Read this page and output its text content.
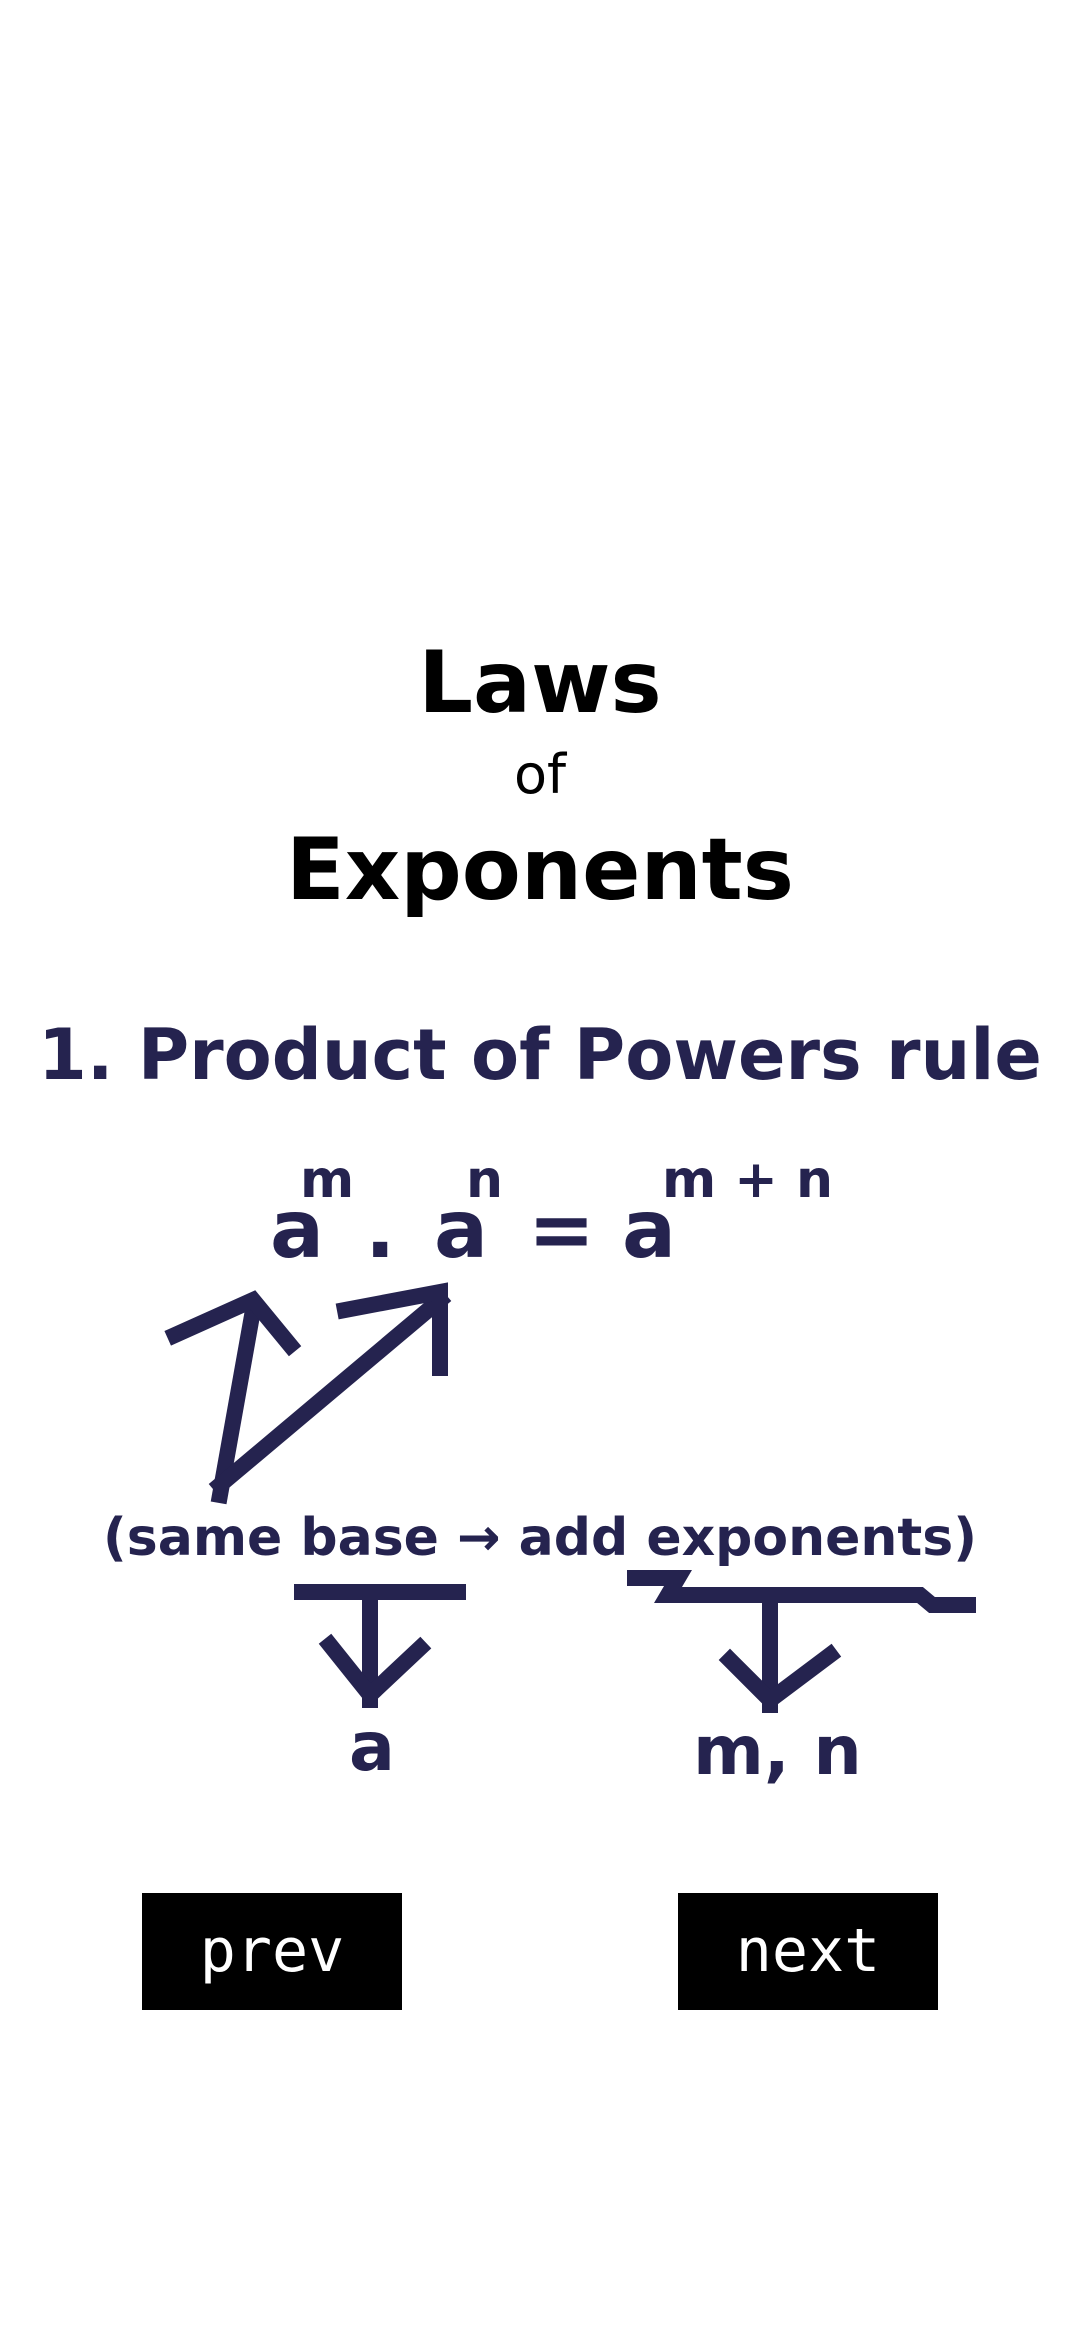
Laws
of
Exponents
1. Product of Powers rule
a
m
. a
n
= a
m + n
(same base → add exponents)
a	m, n
prev	next
